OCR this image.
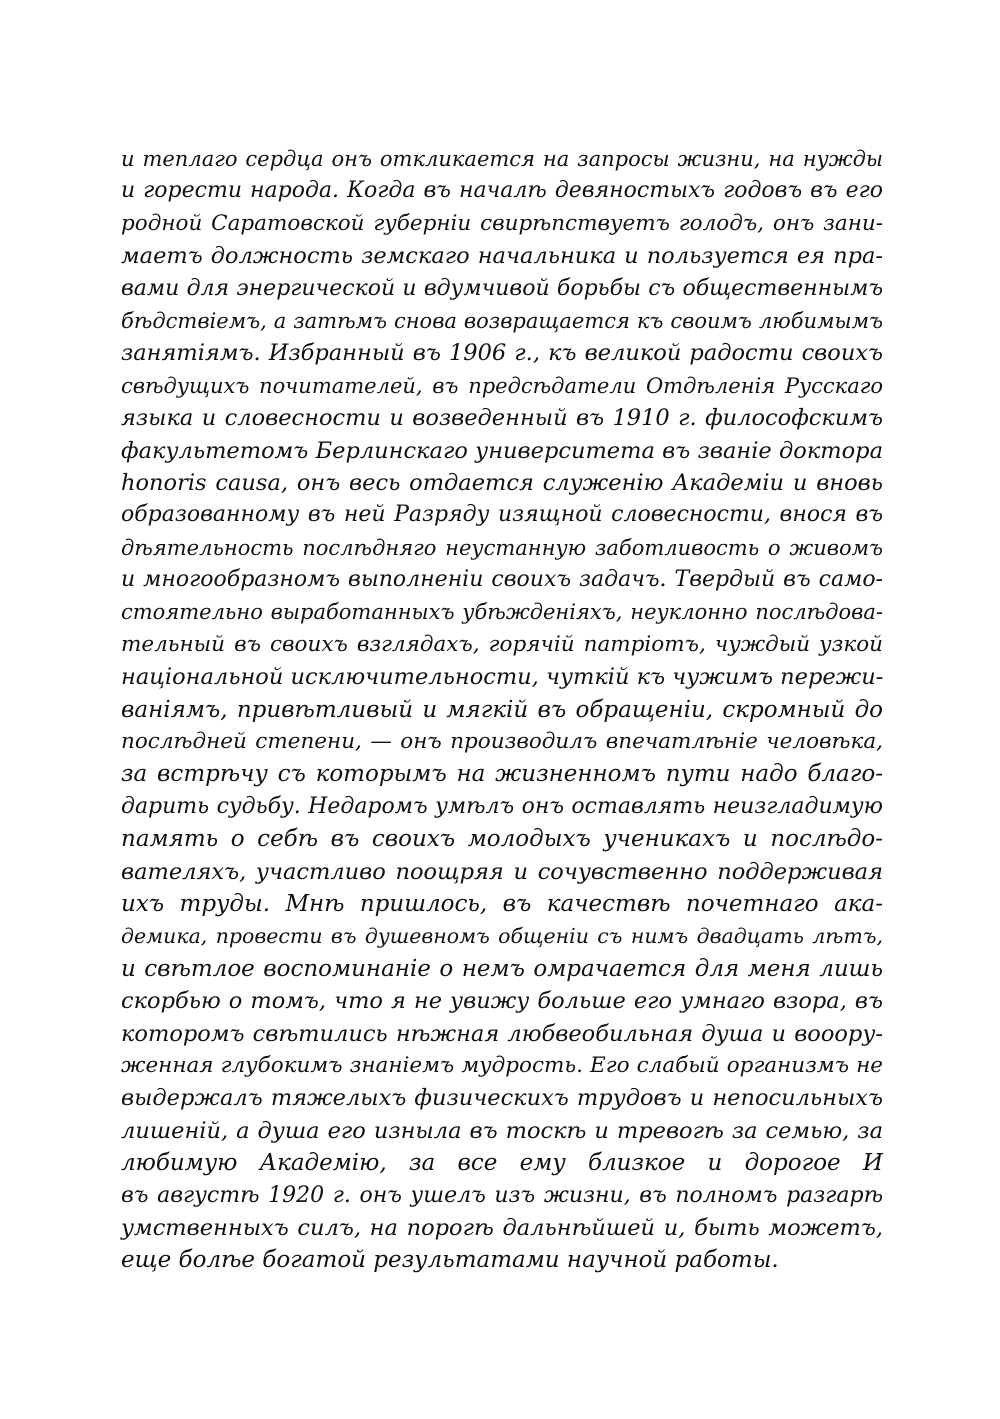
и теплаго сердца онъ откликается на запросы жизни, на нужды
и горести народа. Когда въ началѣ девяностыхъ годовъ въ его
родной Саратовской губерніи свирѣпствуетъ голодъ, онъ зани-
маетъ должность земскаго начальника и пользуется ея пра-
вами для энергической и вдумчивой борьбы съ общественнымъ
бѣдствіемъ, а затѣмъ снова возвращается къ своимъ любимымъ
занятіямъ. Избранный въ 1906 г., къ великой радости своихъ
свѣдущихъ почитателей, въ предсѣдатели Отдѣленія Русскаго
языка и словесности и возведенный въ 1910 г. философскимъ
факультетомъ Берлинскаго университета въ званіе доктора
honoris causa, онъ весь отдается служенію Академіи и вновь
образованному въ ней Разряду изящной словесности, внося въ
дѣятельность послѣдняго неустанную заботливость о живомъ
и многообразномъ выполненіи своихъ задачъ. Твердый въ само-
стоятельно выработанныхъ убѣжденіяхъ, неуклонно послѣдова-
тельный въ своихъ взглядахъ, горячій патріотъ, чуждый узкой
національной исключительности, чуткій къ чужимъ пережи-
ваніямъ, привѣтливый и мягкій въ обращеніи, скромный до
послѣдней степени, — онъ производилъ впечатлѣніе человѣка,
за встрѣчу съ которымъ на жизненномъ пути надо благо-
дарить судьбу. Недаромъ умѣлъ онъ оставлять неизгладимую
память о себѣ въ своихъ молодыхъ ученикахъ и послѣдо-
вателяхъ, участливо поощряя и сочувственно поддерживая
ихъ труды. Мнѣ пришлось, въ качествѣ почетнаго ака-
демика, провести въ душевномъ общеніи съ нимъ двадцать лѣтъ,
и свѣтлое воспоминаніе о немъ омрачается для меня лишь
скорбью о томъ, что я не увижу больше его умнаго взора, въ
которомъ свѣтились нѣжная любвеобильная душа и вооору-
женная глубокимъ знаніемъ мудрость. Его слабый организмъ не
выдержалъ тяжелыхъ физическихъ трудовъ и непосильныхъ
лишеній, а душа его изныла въ тоскѣ и тревогѣ за семью, за
любимую Академію, за все ему близкое и дорогое И
въ августѣ 1920 г. онъ ушелъ изъ жизни, въ полномъ разгарѣ
умственныхъ силъ, на порогѣ дальнѣйшей и, быть можетъ,
еще болѣе богатой результатами научной работы.
